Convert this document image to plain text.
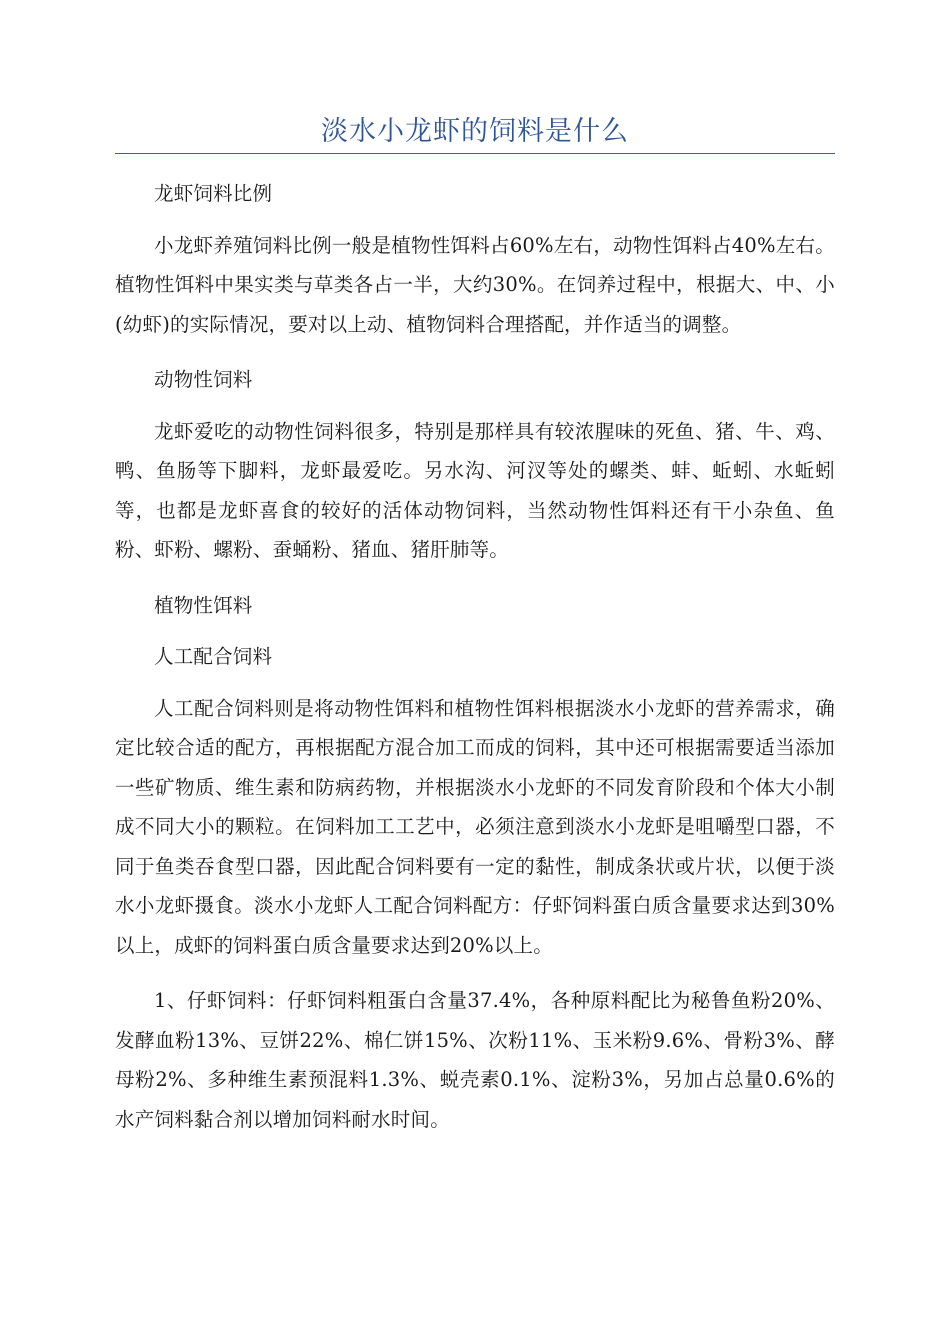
淡水小龙虾的饲料是什么

龙虾饲料比例

小龙虾养殖饲料比例一般是植物性饵料占60%左右，动物性饵料占40%左右。植物性饵料中果实类与草类各占一半，大约30%。在饲养过程中，根据大、中、小(幼虾)的实际情况，要对以上动、植物饲料合理搭配，并作适当的调整。

动物性饲料

龙虾爱吃的动物性饲料很多，特别是那样具有较浓腥味的死鱼、猪、牛、鸡、鸭、鱼肠等下脚料，龙虾最爱吃。另水沟、河汊等处的螺类、蚌、蚯蚓、水蚯蚓等，也都是龙虾喜食的较好的活体动物饲料，当然动物性饵料还有干小杂鱼、鱼粉、虾粉、螺粉、蚕蛹粉、猪血、猪肝肺等。

植物性饵料

人工配合饲料

人工配合饲料则是将动物性饵料和植物性饵料根据淡水小龙虾的营养需求，确定比较合适的配方，再根据配方混合加工而成的饲料，其中还可根据需要适当添加一些矿物质、维生素和防病药物，并根据淡水小龙虾的不同发育阶段和个体大小制成不同大小的颗粒。在饲料加工工艺中，必须注意到淡水小龙虾是咀嚼型口器，不同于鱼类吞食型口器，因此配合饲料要有一定的黏性，制成条状或片状，以便于淡水小龙虾摄食。淡水小龙虾人工配合饲料配方：仔虾饲料蛋白质含量要求达到30%以上，成虾的饲料蛋白质含量要求达到20%以上。

1、仔虾饲料：仔虾饲料粗蛋白含量37.4%，各种原料配比为秘鲁鱼粉20%、发酵血粉13%、豆饼22%、棉仁饼15%、次粉11%、玉米粉9.6%、骨粉3%、酵母粉2%、多种维生素预混料1.3%、蜕壳素0.1%、淀粉3%，另加占总量0.6%的水产饲料黏合剂以增加饲料耐水时间。
